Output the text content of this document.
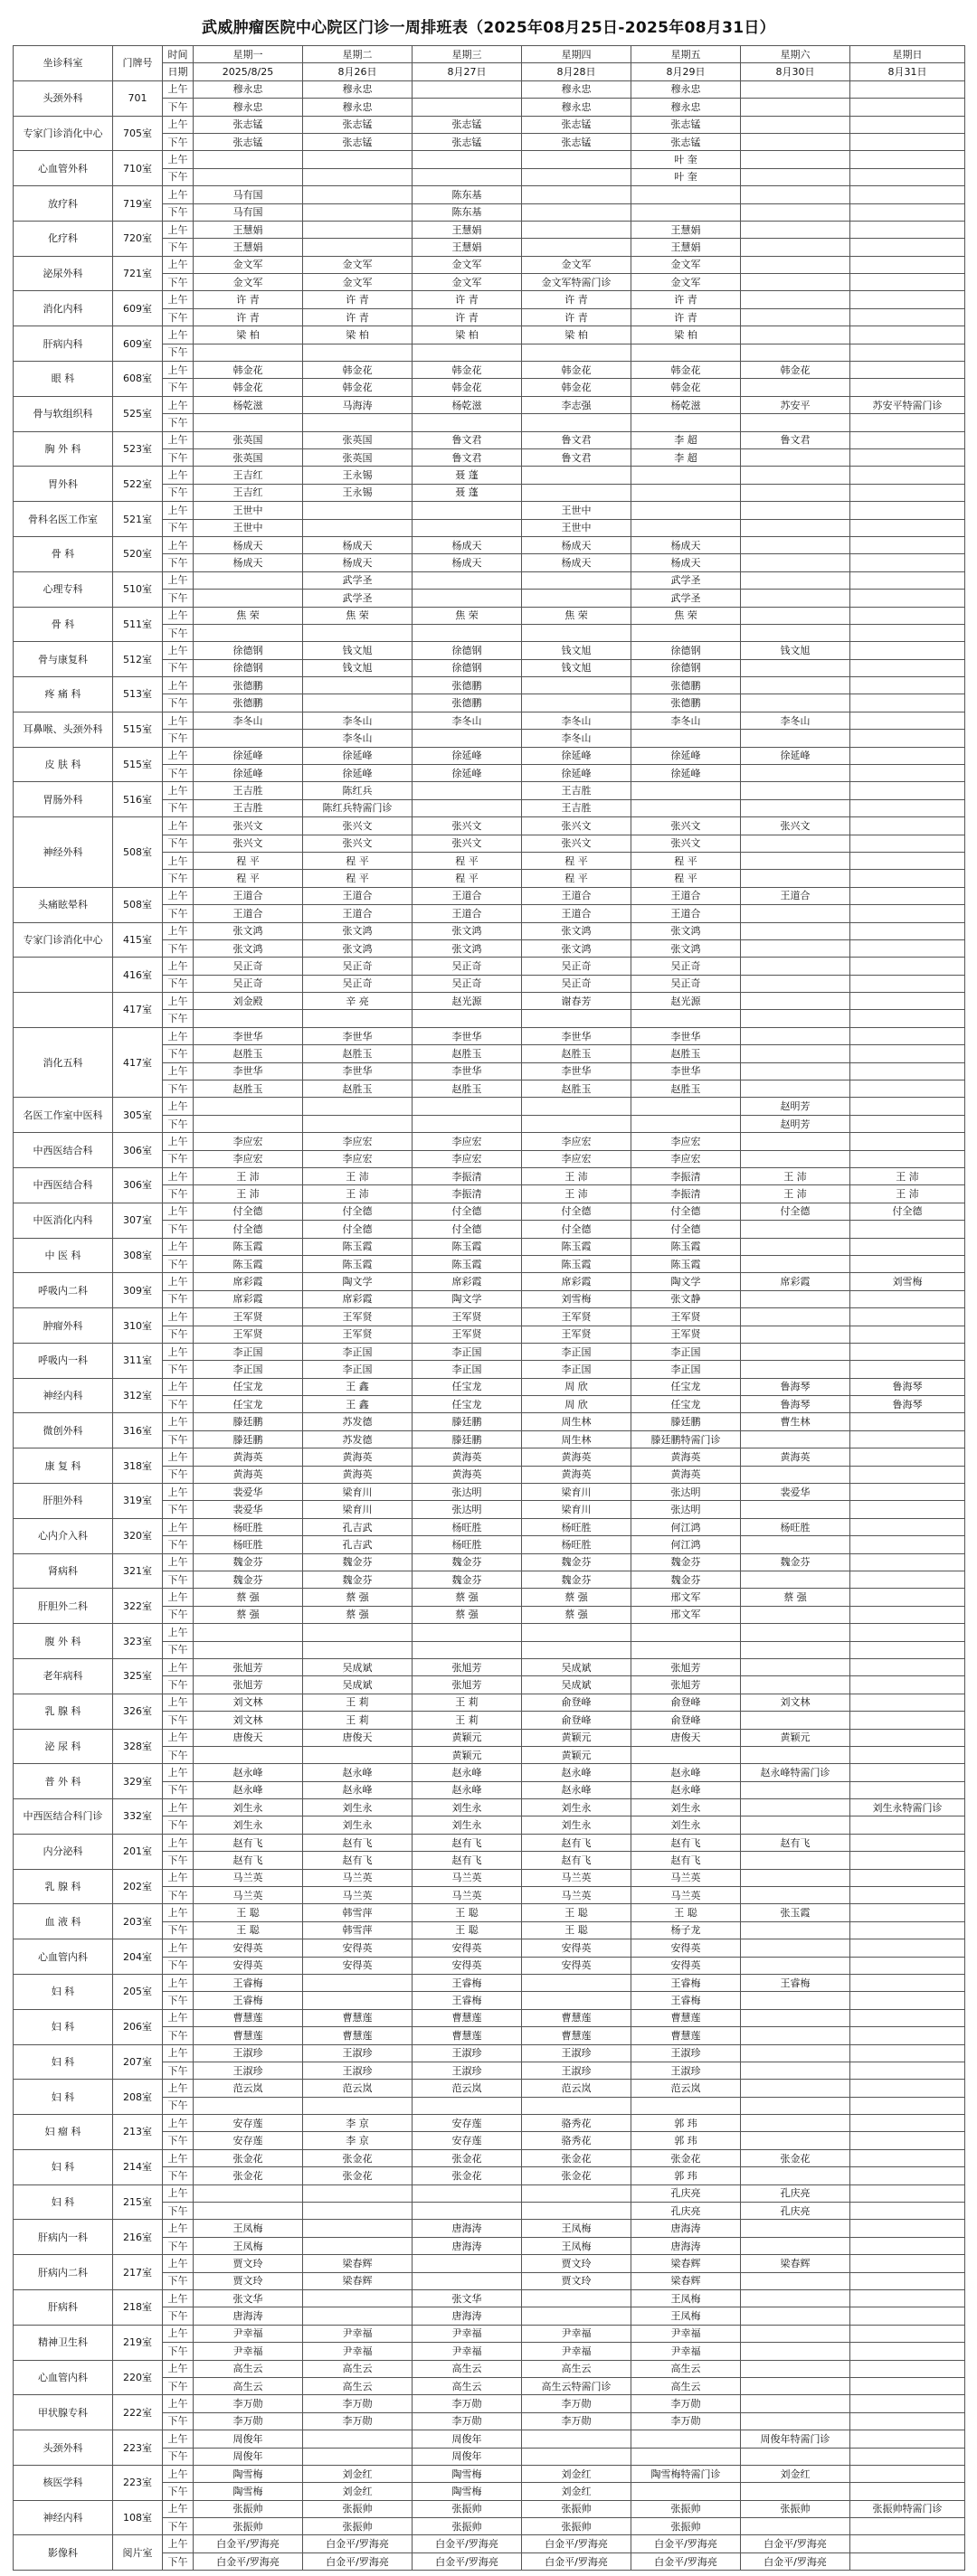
武威肿瘤医院中心院区门诊一周排班表（2025年08月25日-2025年08月31日）
坐诊科室	门牌号	时间	星期一	星期二	星期三	星期四	星期五	星期六	星期日
		日期	2025/8/25	8月26日	8月27日	8月28日	8月29日	8月30日	8月31日
头颈外科	701	上午	穆永忠	穆永忠		穆永忠	穆永忠		
		下午	穆永忠	穆永忠		穆永忠	穆永忠		
专家门诊消化中心	705室	上午	张志锰	张志锰	张志锰	张志锰	张志锰		
		下午	张志锰	张志锰	张志锰	张志锰	张志锰		
心血管外科	710室	上午					叶 奎		
		下午					叶 奎		
放疗科	719室	上午	马有国		陈东基				
		下午	马有国		陈东基				
化疗科	720室	上午	王慧娟		王慧娟		王慧娟		
		下午	王慧娟		王慧娟		王慧娟		
泌尿外科	721室	上午	金文军	金文军	金文军	金文军	金文军		
		下午	金文军	金文军	金文军	金文军特需门诊	金文军		
消化内科	609室	上午	许 青	许 青	许 青	许 青	许 青		
		下午	许 青	许 青	许 青	许 青	许 青		
肝病内科	609室	上午	梁 柏	梁 柏	梁 柏	梁 柏	梁 柏		
		下午							
眼 科	608室	上午	韩金花	韩金花	韩金花	韩金花	韩金花	韩金花	
		下午	韩金花	韩金花	韩金花	韩金花	韩金花		
骨与软组织科	525室	上午	杨乾滋	马海涛	杨乾滋	李志强	杨乾滋	苏安平	苏安平特需门诊
		下午							
胸 外 科	523室	上午	张英国	张英国	鲁文君	鲁文君	李 超	鲁文君	
		下午	张英国	张英国	鲁文君	鲁文君	李 超		
胃外科	522室	上午	王吉红	王永锡	聂 蓬				
		下午	王吉红	王永锡	聂 蓬				
骨科名医工作室	521室	上午	王世中			王世中			
		下午	王世中			王世中			
骨 科	520室	上午	杨成天	杨成天	杨成天	杨成天	杨成天		
		下午	杨成天	杨成天	杨成天	杨成天	杨成天		
心理专科	510室	上午		武学圣			武学圣		
		下午		武学圣			武学圣		
骨 科	511室	上午	焦 荣	焦 荣	焦 荣	焦 荣	焦 荣		
		下午							
骨与康复科	512室	上午	徐德钢	钱文旭	徐德钢	钱文旭	徐德钢	钱文旭	
		下午	徐德钢	钱文旭	徐德钢	钱文旭	徐德钢		
疼 痛 科	513室	上午	张德鹏		张德鹏		张德鹏		
		下午	张德鹏		张德鹏		张德鹏		
耳鼻喉、头颈外科	515室	上午	李冬山	李冬山	李冬山	李冬山	李冬山	李冬山	
		下午		李冬山		李冬山			
皮 肤 科	515室	上午	徐延峰	徐延峰	徐延峰	徐延峰	徐延峰	徐延峰	
		下午	徐延峰	徐延峰	徐延峰	徐延峰	徐延峰		
胃肠外科	516室	上午	王吉胜	陈红兵		王吉胜			
		下午	王吉胜	陈红兵特需门诊		王吉胜			
神经外科	508室	上午	张兴文	张兴文	张兴文	张兴文	张兴文	张兴文	
		下午	张兴文	张兴文	张兴文	张兴文	张兴文		
		上午	程 平	程 平	程 平	程 平	程 平		
		下午	程 平	程 平	程 平	程 平	程 平		
头痛眩晕科	508室	上午	王道合	王道合	王道合	王道合	王道合	王道合	
		下午	王道合	王道合	王道合	王道合	王道合		
专家门诊消化中心	415室	上午	张文鸿	张文鸿	张文鸿	张文鸿	张文鸿		
		下午	张文鸿	张文鸿	张文鸿	张文鸿	张文鸿		
	416室	上午	吴正奇	吴正奇	吴正奇	吴正奇	吴正奇		
		下午	吴正奇	吴正奇	吴正奇	吴正奇	吴正奇		
	417室	上午	刘金殿	辛 亮	赵光源	谢春芳	赵光源		
		下午							
消化五科	417室	上午	李世华	李世华	李世华	李世华	李世华		
		下午	赵胜玉	赵胜玉	赵胜玉	赵胜玉	赵胜玉		
		上午	李世华	李世华	李世华	李世华	李世华		
		下午	赵胜玉	赵胜玉	赵胜玉	赵胜玉	赵胜玉		
名医工作室中医科	305室	上午						赵明芳	
		下午						赵明芳	
中西医结合科	306室	上午	李应宏	李应宏	李应宏	李应宏	李应宏		
		下午	李应宏	李应宏	李应宏	李应宏	李应宏		
中西医结合科	306室	上午	王 沛	王 沛	李振清	王 沛	李振清	王 沛	王 沛
		下午	王 沛	王 沛	李振清	王 沛	李振清	王 沛	王 沛
中医消化内科	307室	上午	付全德	付全德	付全德	付全德	付全德	付全德	付全德
		下午	付全德	付全德	付全德	付全德	付全德		
中 医 科	308室	上午	陈玉霞	陈玉霞	陈玉霞	陈玉霞	陈玉霞		
		下午	陈玉霞	陈玉霞	陈玉霞	陈玉霞	陈玉霞		
呼吸内二科	309室	上午	席彩霞	陶文学	席彩霞	席彩霞	陶文学	席彩霞	刘雪梅
		下午	席彩霞	席彩霞	陶文学	刘雪梅	张文静		
肿瘤外科	310室	上午	王军贤	王军贤	王军贤	王军贤	王军贤		
		下午	王军贤	王军贤	王军贤	王军贤	王军贤		
呼吸内一科	311室	上午	李正国	李正国	李正国	李正国	李正国		
		下午	李正国	李正国	李正国	李正国	李正国		
神经内科	312室	上午	任宝龙	王 鑫	任宝龙	周 欣	任宝龙	鲁海琴	鲁海琴
		下午	任宝龙	王 鑫	任宝龙	周 欣	任宝龙	鲁海琴	鲁海琴
微创外科	316室	上午	滕廷鹏	苏发德	滕廷鹏	周生林	滕廷鹏	曹生林	
		下午	滕廷鹏	苏发德	滕廷鹏	周生林	滕廷鹏特需门诊		
康 复 科	318室	上午	黄海英	黄海英	黄海英	黄海英	黄海英	黄海英	
		下午	黄海英	黄海英	黄海英	黄海英	黄海英		
肝胆外科	319室	上午	裴爱华	梁育川	张达明	梁育川	张达明	裴爱华	
		下午	裴爱华	梁育川	张达明	梁育川	张达明		
心内介入科	320室	上午	杨旺胜	孔吉武	杨旺胜	杨旺胜	何江鸿	杨旺胜	
		下午	杨旺胜	孔吉武	杨旺胜	杨旺胜	何江鸿		
肾病科	321室	上午	魏金芬	魏金芬	魏金芬	魏金芬	魏金芬	魏金芬	
		下午	魏金芬	魏金芬	魏金芬	魏金芬	魏金芬		
肝胆外二科	322室	上午	蔡 强	蔡 强	蔡 强	蔡 强	邢文军	蔡 强	
		下午	蔡 强	蔡 强	蔡 强	蔡 强	邢文军		
腹 外 科	323室	上午							
		下午							
老年病科	325室	上午	张旭芳	吴成斌	张旭芳	吴成斌	张旭芳		
		下午	张旭芳	吴成斌	张旭芳	吴成斌	张旭芳		
乳 腺 科	326室	上午	刘文林	王 莉	王 莉	俞登峰	俞登峰	刘文林	
		下午	刘文林	王 莉	王 莉	俞登峰	俞登峰		
泌 尿 科	328室	上午	唐俊天	唐俊天	黄颖元	黄颖元	唐俊天	黄颖元	
		下午			黄颖元	黄颖元			
普 外 科	329室	上午	赵永峰	赵永峰	赵永峰	赵永峰	赵永峰	赵永峰特需门诊	
		下午	赵永峰	赵永峰	赵永峰	赵永峰	赵永峰		
中西医结合科门诊	332室	上午	刘生永	刘生永	刘生永	刘生永	刘生永		刘生永特需门诊
		下午	刘生永	刘生永	刘生永	刘生永	刘生永		
内分泌科	201室	上午	赵有飞	赵有飞	赵有飞	赵有飞	赵有飞	赵有飞	
		下午	赵有飞	赵有飞	赵有飞	赵有飞	赵有飞		
乳 腺 科	202室	上午	马兰英	马兰英	马兰英	马兰英	马兰英		
		下午	马兰英	马兰英	马兰英	马兰英	马兰英		
血 液 科	203室	上午	王 聪	韩雪萍	王 聪	王 聪	王 聪	张玉霞	
		下午	王 聪	韩雪萍	王 聪	王 聪	杨子龙		
心血管内科	204室	上午	安得英	安得英	安得英	安得英	安得英		
		下午	安得英	安得英	安得英	安得英	安得英		
妇 科	205室	上午	王睿梅		王睿梅		王睿梅	王睿梅	
		下午	王睿梅		王睿梅		王睿梅		
妇 科	206室	上午	曹慧莲	曹慧莲	曹慧莲	曹慧莲	曹慧莲		
		下午	曹慧莲	曹慧莲	曹慧莲	曹慧莲	曹慧莲		
妇 科	207室	上午	王淑珍	王淑珍	王淑珍	王淑珍	王淑珍		
		下午	王淑珍	王淑珍	王淑珍	王淑珍	王淑珍		
妇 科	208室	上午	范云岚	范云岚	范云岚	范云岚	范云岚		
		下午							
妇 瘤 科	213室	上午	安存莲	李 京	安存莲	骆秀花	郭 玮		
		下午	安存莲	李 京	安存莲	骆秀花	郭 玮		
妇 科	214室	上午	张金花	张金花	张金花	张金花	张金花	张金花	
		下午	张金花	张金花	张金花	张金花	郭 玮		
妇 科	215室	上午					孔庆亮	孔庆亮	
		下午					孔庆亮	孔庆亮	
肝病内一科	216室	上午	王凤梅		唐海涛	王凤梅	唐海涛		
		下午	王凤梅		唐海涛	王凤梅	唐海涛		
肝病内二科	217室	上午	贾文玲	梁春辉		贾文玲	梁春辉	梁春辉	
		下午	贾文玲	梁春辉		贾文玲	梁春辉		
肝病科	218室	上午	张文华		张文华		王凤梅		
		下午	唐海涛		唐海涛		王凤梅		
精神卫生科	219室	上午	尹幸福	尹幸福	尹幸福	尹幸福	尹幸福		
		下午	尹幸福	尹幸福	尹幸福	尹幸福	尹幸福		
心血管内科	220室	上午	高生云	高生云	高生云	高生云	高生云		
		下午	高生云	高生云	高生云	高生云特需门诊	高生云		
甲状腺专科	222室	上午	李万勋	李万勋	李万勋	李万勋	李万勋		
		下午	李万勋	李万勋	李万勋	李万勋	李万勋		
头颈外科	223室	上午	周俊年		周俊年			周俊年特需门诊	
		下午	周俊年		周俊年				
核医学科	223室	上午	陶雪梅	刘金红	陶雪梅	刘金红	陶雪梅特需门诊	刘金红	
		下午	陶雪梅	刘金红	陶雪梅	刘金红			
神经内科	108室	上午	张振帅	张振帅	张振帅	张振帅	张振帅	张振帅	张振帅特需门诊
		下午	张振帅	张振帅	张振帅	张振帅	张振帅		
影像科	阅片室	上午	白金平/罗海亮	白金平/罗海亮	白金平/罗海亮	白金平/罗海亮	白金平/罗海亮	白金平/罗海亮	
		下午	白金平/罗海亮	白金平/罗海亮	白金平/罗海亮	白金平/罗海亮	白金平/罗海亮	白金平/罗海亮	
